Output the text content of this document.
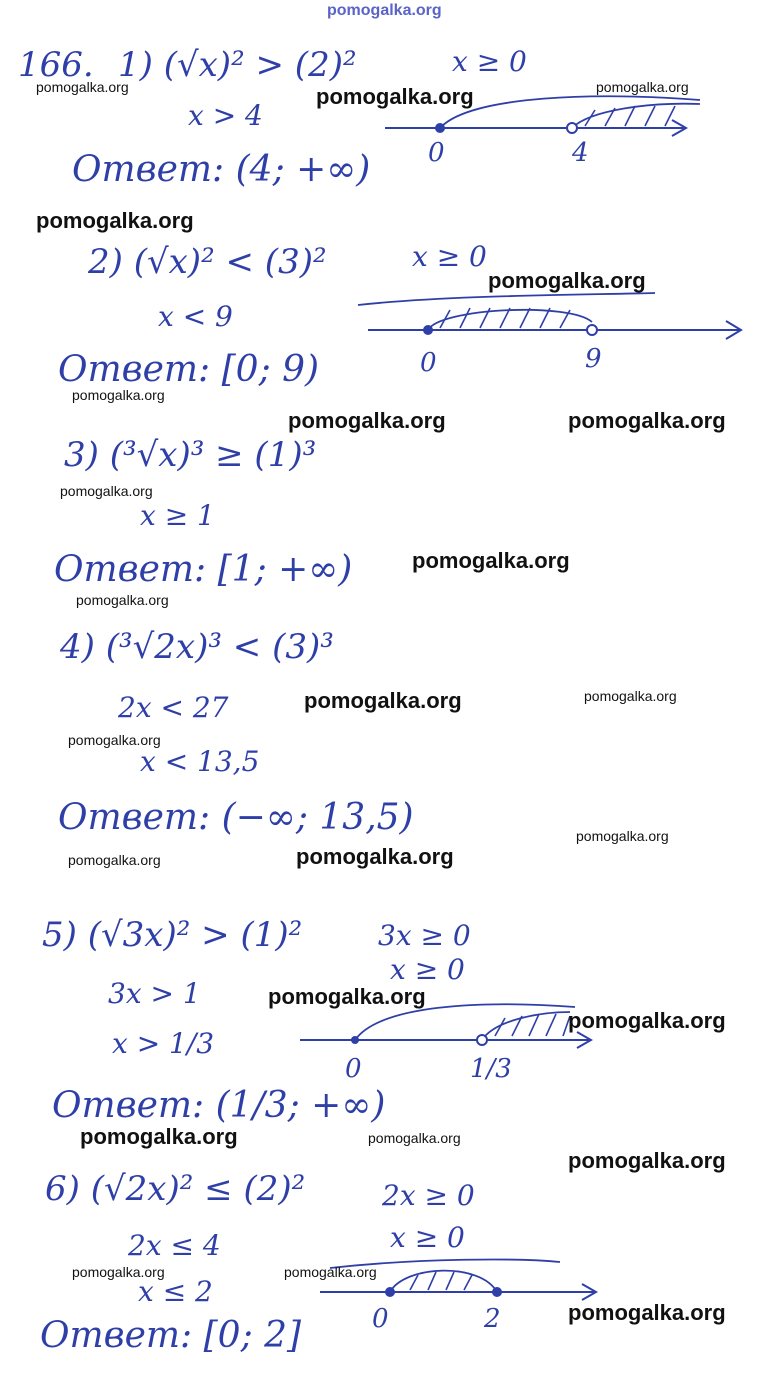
pomogalka.org
166. 1) (√x)² > (2)²	x ≥ 0
x > 4
Ответ: (4; +∞) 0	4
2) (√x)² < (3)²	x ≥ 0
x < 9
Ответ: [0; 9)	0	9
3) (³√x)³ ≥ (1)³
x ≥ 1
Ответ: [1; +∞)
4) (³√2x)³ < (3)³
2x < 27
x < 13,5
Ответ: (−∞; 13,5)
5) (√3x)² > (1)²	3x ≥ 0
x ≥ 0
3x > 1
x > 1/3
Ответ: (1/3; +∞)
0	1/3
6) (√2x)² ≤ (2)²	2x ≥ 0
x ≥ 0
2x ≤ 4
x ≤ 2
Ответ: [0; 2]	0	2
pomogalka.org	pomogalka.org	pomogalka.org
pomogalka.org
pomogalka.org
pomogalka.org
pomogalka.org	pomogalka.org
pomogalka.org
pomogalka.org
pomogalka.org
pomogalka.org	pomogalka.org
pomogalka.org
pomogalka.org
pomogalka.org
pomogalka.org
pomogalka.org
pomogalka.org
pomogalka.org	pomogalka.org
pomogalka.org
pomogalka.org	pomogalka.org
pomogalka.org
